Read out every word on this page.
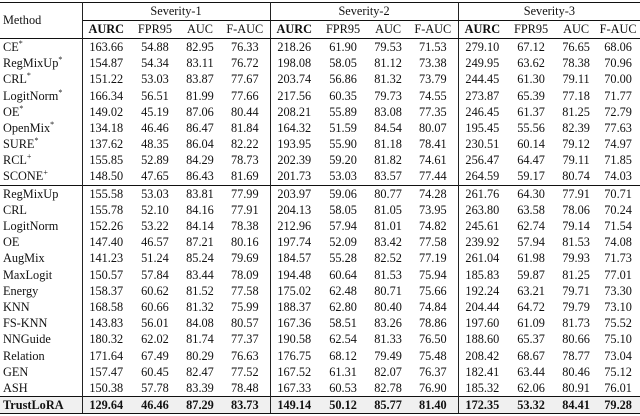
Method	Severity-1				Severity-2				Severity-3			
	AURC	FPR95	AUC	F-AUC	AURC	FPR95	AUC	F-AUC	AURC	FPR95	AUC	F-AUC
CE*	163.66	54.88	82.95	76.33	218.26	61.90	79.53	71.53	279.10	67.12	76.65	68.06
RegMixUp*	154.87	54.34	83.11	76.72	198.08	58.05	81.12	73.38	249.95	63.62	78.38	70.96
CRL*	151.22	53.03	83.87	77.67	203.74	56.86	81.32	73.79	244.45	61.30	79.11	70.00
LogitNorm*	166.34	56.51	81.99	77.66	217.56	60.35	79.73	74.55	273.87	65.39	77.18	71.77
OE*	149.02	45.19	87.06	80.44	208.21	55.89	83.08	77.35	246.45	61.37	81.25	72.79
OpenMix*	134.18	46.46	86.47	81.84	164.32	51.59	84.54	80.07	195.45	55.56	82.39	77.63
SURE*	137.62	48.35	86.04	82.22	193.95	55.90	81.18	78.41	230.51	60.14	79.12	74.97
RCL+	155.85	52.89	84.29	78.73	202.39	59.20	81.82	74.61	256.47	64.47	79.11	71.85
SCONE+	148.50	47.65	86.43	81.69	201.73	53.03	83.57	77.44	264.59	59.17	80.74	74.03
RegMixUp	155.58	53.03	83.81	77.99	203.97	59.06	80.77	74.28	261.76	64.30	77.91	70.71
CRL	155.78	52.10	84.16	77.91	204.13	58.05	81.05	73.95	263.80	63.58	78.06	70.24
LogitNorm	152.26	53.22	84.14	78.38	212.96	57.94	81.01	74.82	245.61	62.74	79.14	71.54
OE	147.40	46.57	87.21	80.16	197.74	52.09	83.42	77.58	239.92	57.94	81.53	74.08
AugMix	141.23	51.24	85.24	79.69	184.57	55.28	82.52	77.19	261.04	61.98	79.93	71.73
MaxLogit	150.57	57.84	83.44	78.09	194.48	60.64	81.53	75.94	185.83	59.87	81.25	77.01
Energy	158.37	60.62	81.52	77.58	175.02	62.48	80.71	75.66	192.24	63.21	79.71	73.30
KNN	168.58	60.66	81.32	75.99	188.37	62.80	80.40	74.84	204.44	64.72	79.79	73.10
FS-KNN	143.83	56.01	84.08	80.57	167.36	58.51	83.26	78.86	197.60	61.09	81.73	75.52
NNGuide	180.32	62.02	81.74	77.37	190.58	62.54	81.33	76.50	188.60	65.37	80.66	75.10
Relation	171.64	67.49	80.29	76.63	176.75	68.12	79.49	75.48	208.42	68.67	78.77	73.04
GEN	157.47	60.45	82.47	77.52	167.52	61.31	82.07	76.37	182.41	63.44	80.46	75.12
ASH	150.38	57.78	83.39	78.48	167.33	60.53	82.78	76.90	185.32	62.06	80.91	76.01
TrustLoRA	129.64	46.46	87.29	83.73	149.14	50.12	85.77	81.40	172.35	53.32	84.41	79.28
